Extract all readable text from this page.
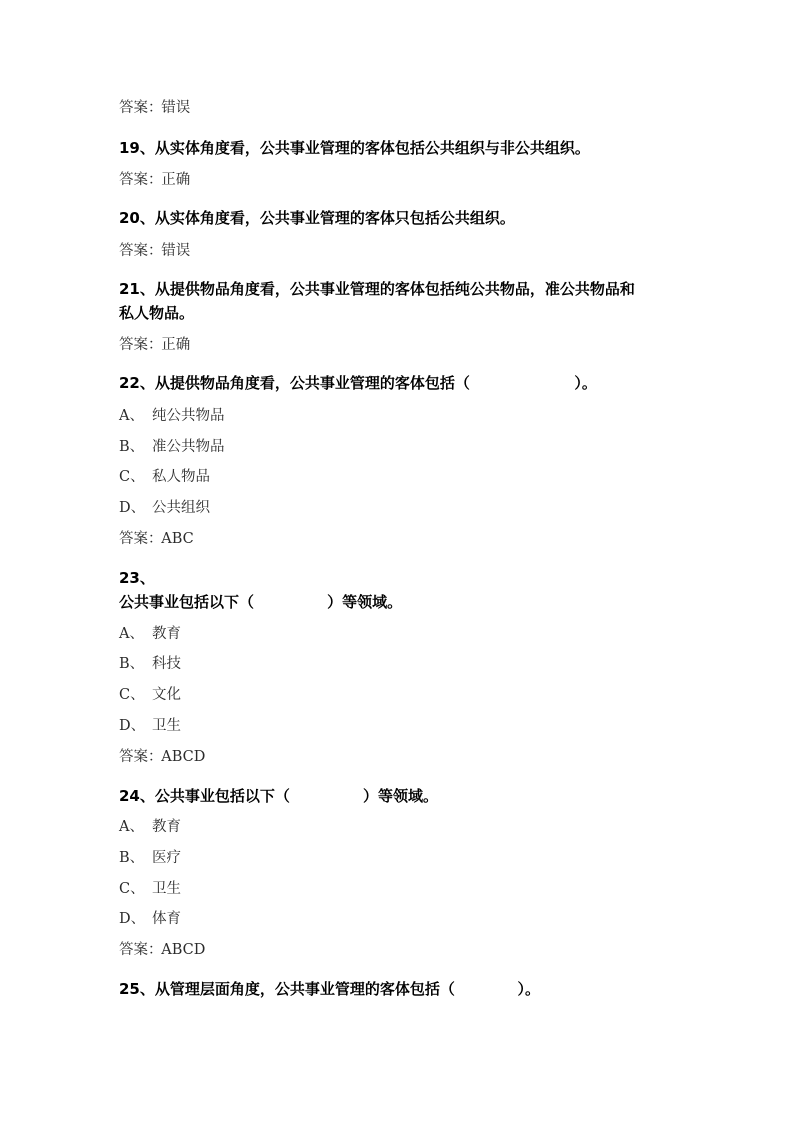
答案：  错误
19、从实体角度看，公共事业管理的客体包括公共组织与非公共组织。
答案：  正确
20、从实体角度看，公共事业管理的客体只包括公共组织。
答案：  错误
21、从提供物品角度看，公共事业管理的客体包括纯公共物品，准公共物品和
私人物品。
答案：  正确
22、从提供物品角度看，公共事业管理的客体包括（                    ）。
A、 纯公共物品
B、 准公共物品
C、 私人物品
D、 公共组织
答案：  ABC
23、
公共事业包括以下（              ）等领域。
A、 教育
B、 科技
C、 文化
D、 卫生
答案：  ABCD
24、公共事业包括以下（              ）等领域。
A、 教育
B、 医疗
C、 卫生
D、 体育
答案：  ABCD
25、从管理层面角度，公共事业管理的客体包括（            ）。
